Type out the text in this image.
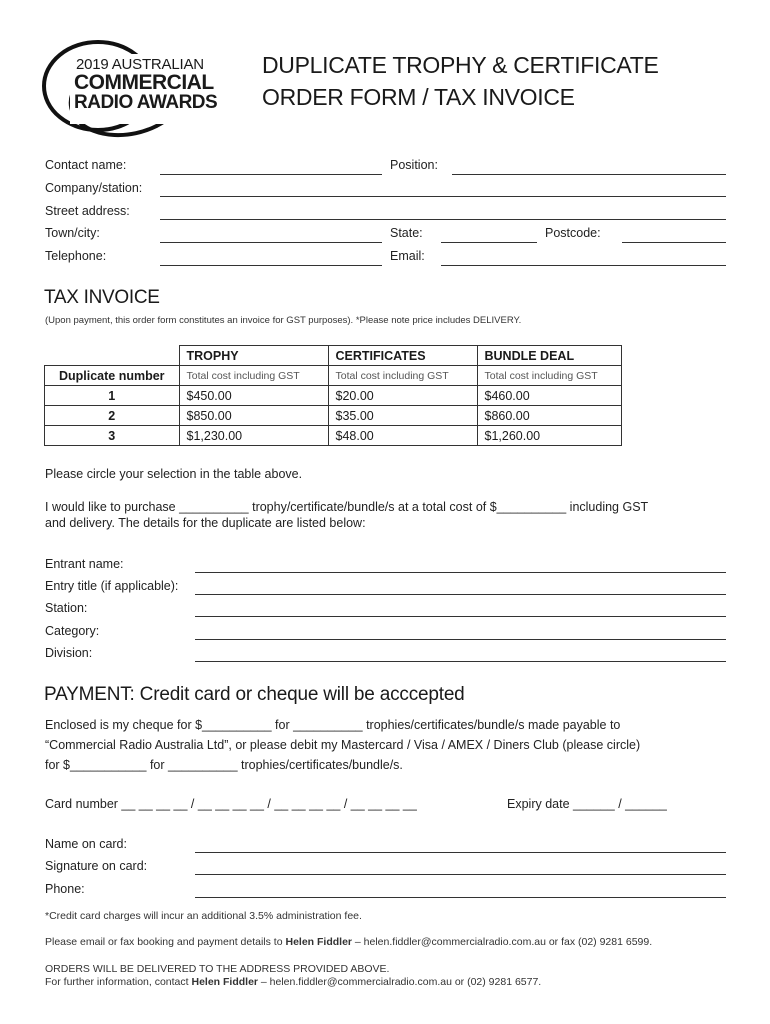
2019 AUSTRALIAN
COMMERCIAL
RADIO AWARDS
DUPLICATE TROPHY & CERTIFICATE
ORDER FORM / TAX INVOICE
Contact name:	Position:
Company/station:
Street address:
Town/city:	State:	Postcode:
Telephone:	Email:
TAX INVOICE
(Upon payment, this order form constitutes an invoice for GST purposes). *Please note price includes DELIVERY.
	TROPHY	CERTIFICATES	BUNDLE DEAL
Duplicate number	Total cost including GST	Total cost including GST	Total cost including GST
1	$450.00	$20.00	$460.00
2	$850.00	$35.00	$860.00
3	$1,230.00	$48.00	$1,260.00
Please circle your selection in the table above.
I would like to purchase __________ trophy/certificate/bundle/s at a total cost of $__________ including GST
and delivery. The details for the duplicate are listed below:
Entrant name:
Entry title (if applicable):
Station:
Category:
Division:
PAYMENT: Credit card or cheque will be acccepted
Enclosed is my cheque for $__________ for __________ trophies/certificates/bundle/s made payable to
“Commercial Radio Australia Ltd”, or please debit my Mastercard / Visa / AMEX / Diners Club (please circle)
for $___________ for __________ trophies/certificates/bundle/s.
Card number __ __ __ __ / __ __ __ __ / __ __ __ __ / __ __ __ __	Expiry date ______ / ______
Name on card:
Signature on card:
Phone:
*Credit card charges will incur an additional 3.5% administration fee.
Please email or fax booking and payment details to Helen Fiddler – helen.fiddler@commercialradio.com.au or fax (02) 9281 6599.
ORDERS WILL BE DELIVERED TO THE ADDRESS PROVIDED ABOVE.
For further information, contact Helen Fiddler – helen.fiddler@commercialradio.com.au or (02) 9281 6577.
